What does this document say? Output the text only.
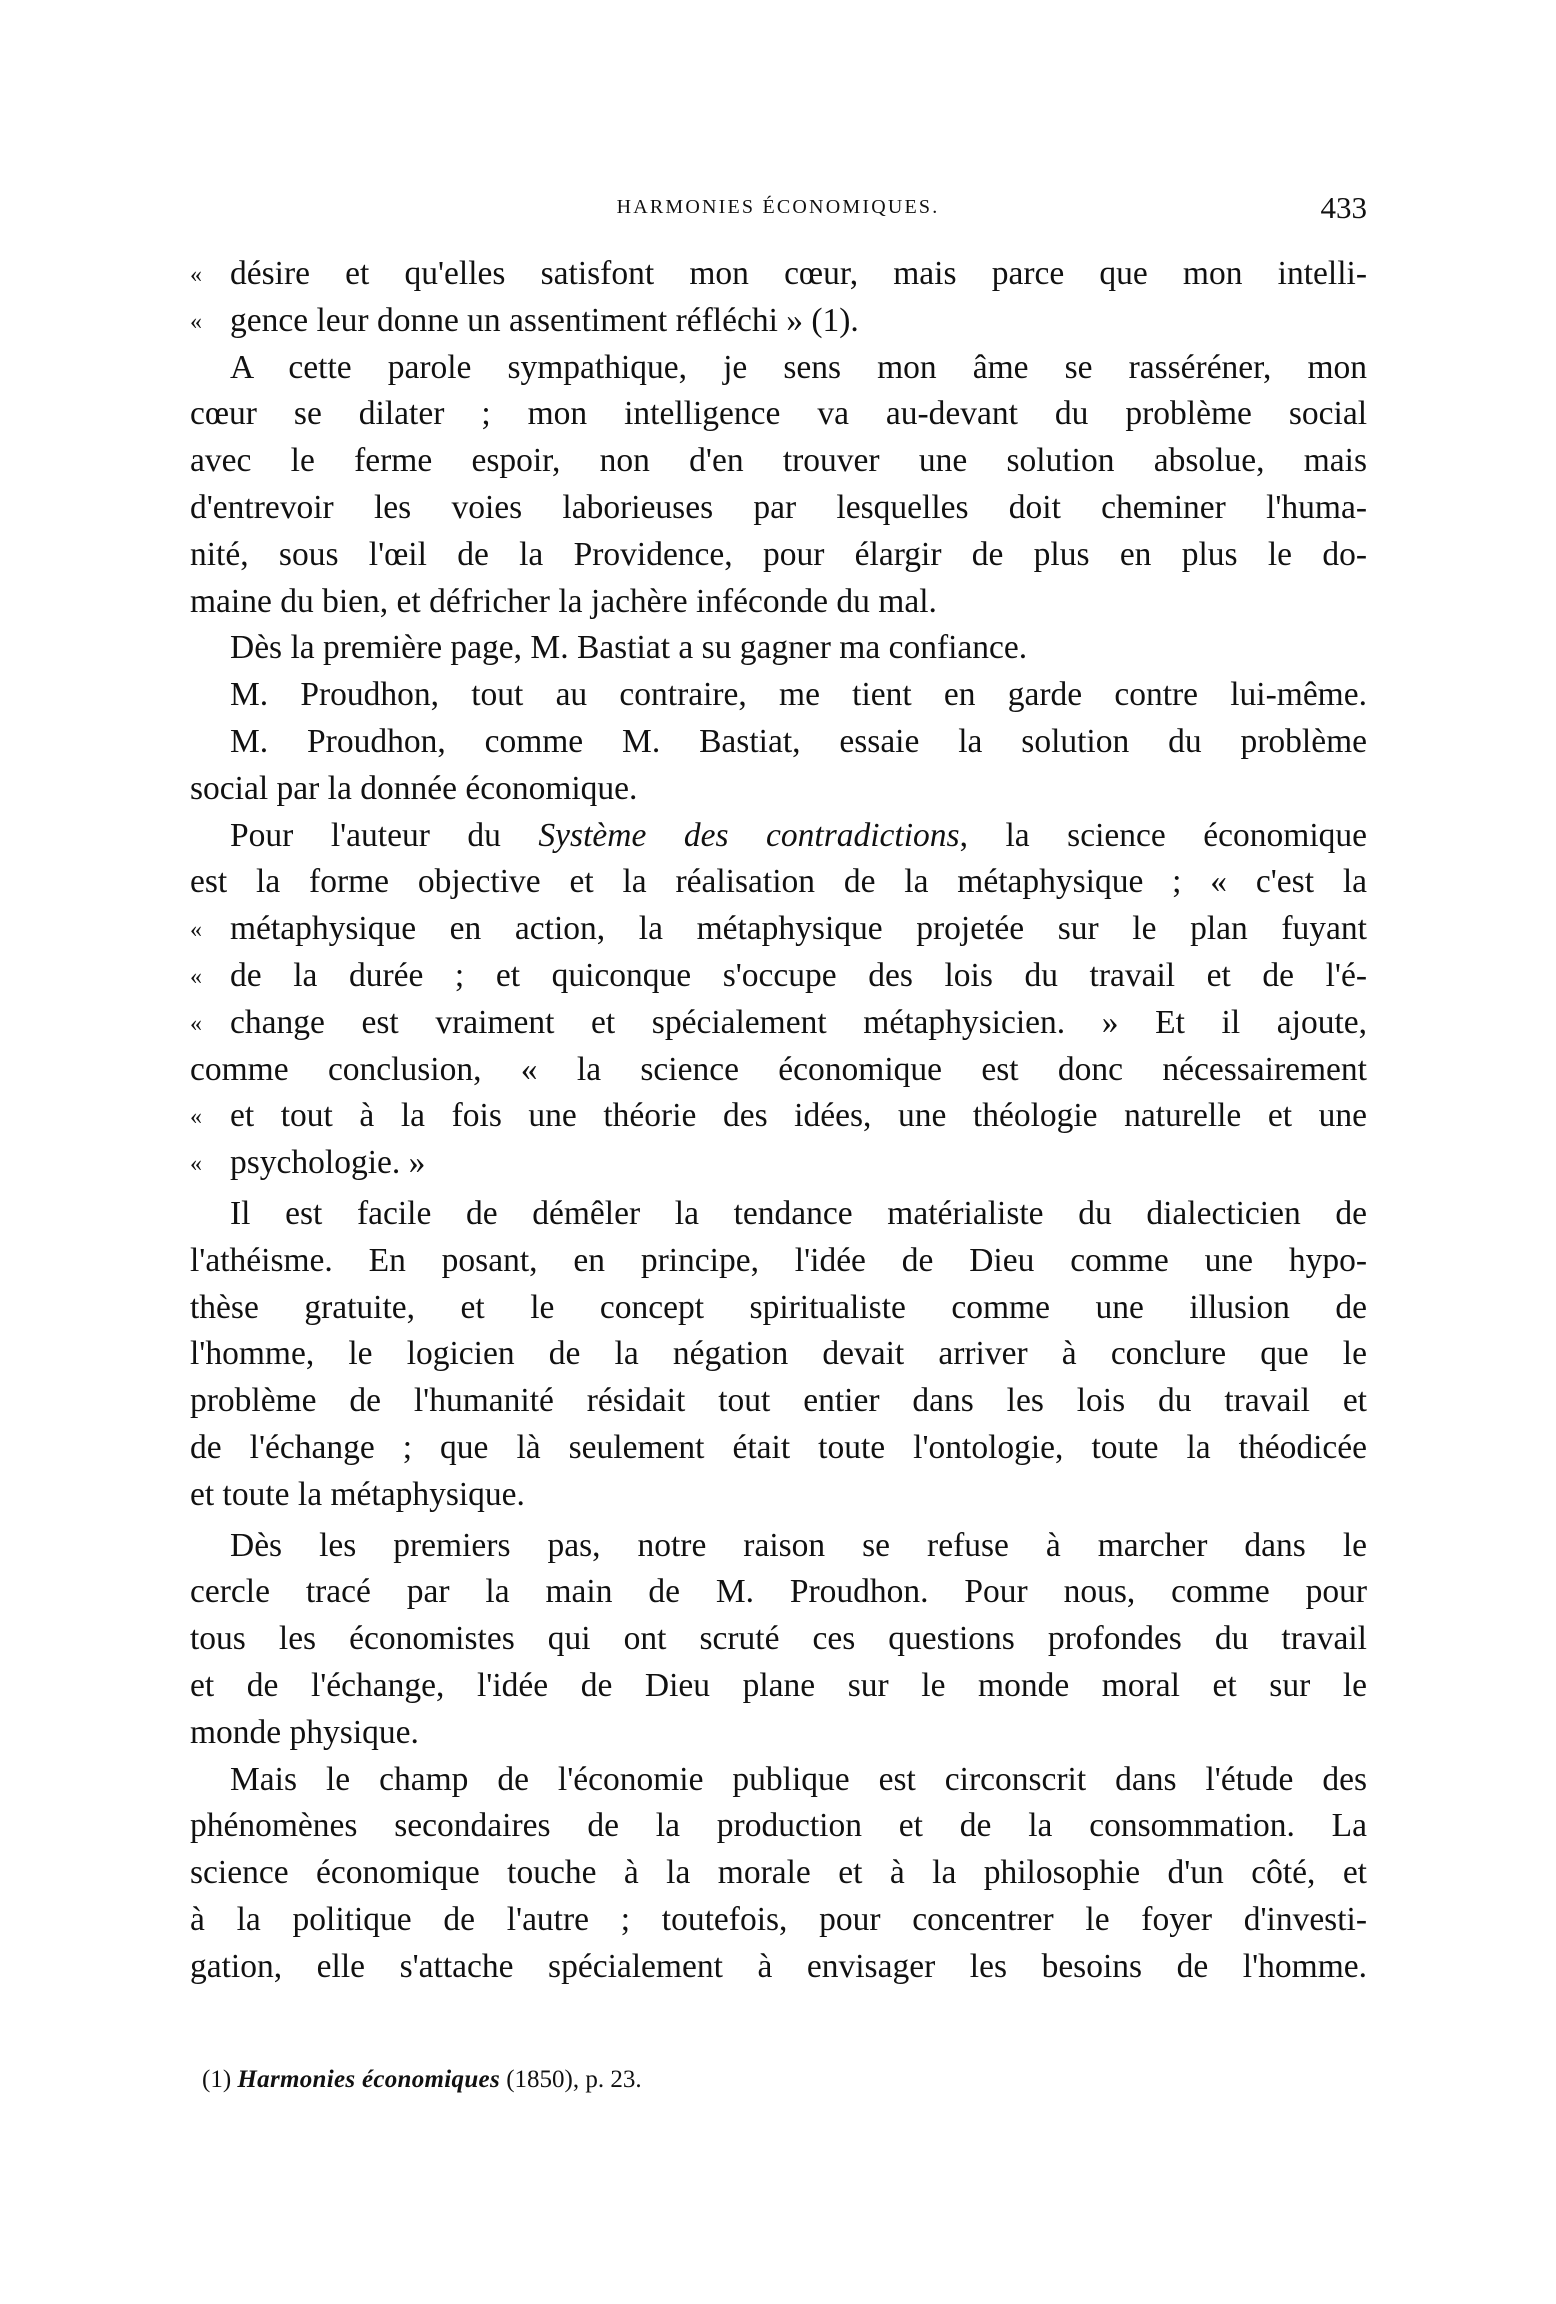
HARMONIES ÉCONOMIQUES.	433
« désire et qu'elles satisfont mon cœur, mais parce que mon intelli-
« gence leur donne un assentiment réfléchi » (1).
A cette parole sympathique, je sens mon âme se rasséréner, mon
cœur se dilater ; mon intelligence va au-devant du problème social
avec le ferme espoir, non d'en trouver une solution absolue, mais
d'entrevoir les voies laborieuses par lesquelles doit cheminer l'huma-
nité, sous l'œil de la Providence, pour élargir de plus en plus le do-
maine du bien, et défricher la jachère inféconde du mal.
Dès la première page, M. Bastiat a su gagner ma confiance.
M. Proudhon, tout au contraire, me tient en garde contre lui-même.
M. Proudhon, comme M. Bastiat, essaie la solution du problème
social par la donnée économique.
Pour l'auteur du Système des contradictions, la science économique
est la forme objective et la réalisation de la métaphysique ; « c'est la
« métaphysique en action, la métaphysique projetée sur le plan fuyant
« de la durée ; et quiconque s'occupe des lois du travail et de l'é-
« change est vraiment et spécialement métaphysicien. » Et il ajoute,
comme conclusion, « la science économique est donc nécessairement
« et tout à la fois une théorie des idées, une théologie naturelle et une
« psychologie. »
Il est facile de démêler la tendance matérialiste du dialecticien de
l'athéisme. En posant, en principe, l'idée de Dieu comme une hypo-
thèse gratuite, et le concept spiritualiste comme une illusion de
l'homme, le logicien de la négation devait arriver à conclure que le
problème de l'humanité résidait tout entier dans les lois du travail et
de l'échange ; que là seulement était toute l'ontologie, toute la théodicée
et toute la métaphysique.
Dès les premiers pas, notre raison se refuse à marcher dans le
cercle tracé par la main de M. Proudhon. Pour nous, comme pour
tous les économistes qui ont scruté ces questions profondes du travail
et de l'échange, l'idée de Dieu plane sur le monde moral et sur le
monde physique.
Mais le champ de l'économie publique est circonscrit dans l'étude des
phénomènes secondaires de la production et de la consommation. La
science économique touche à la morale et à la philosophie d'un côté, et
à la politique de l'autre ; toutefois, pour concentrer le foyer d'investi-
gation, elle s'attache spécialement à envisager les besoins de l'homme.
(1) Harmonies économiques (1850), p. 23.
